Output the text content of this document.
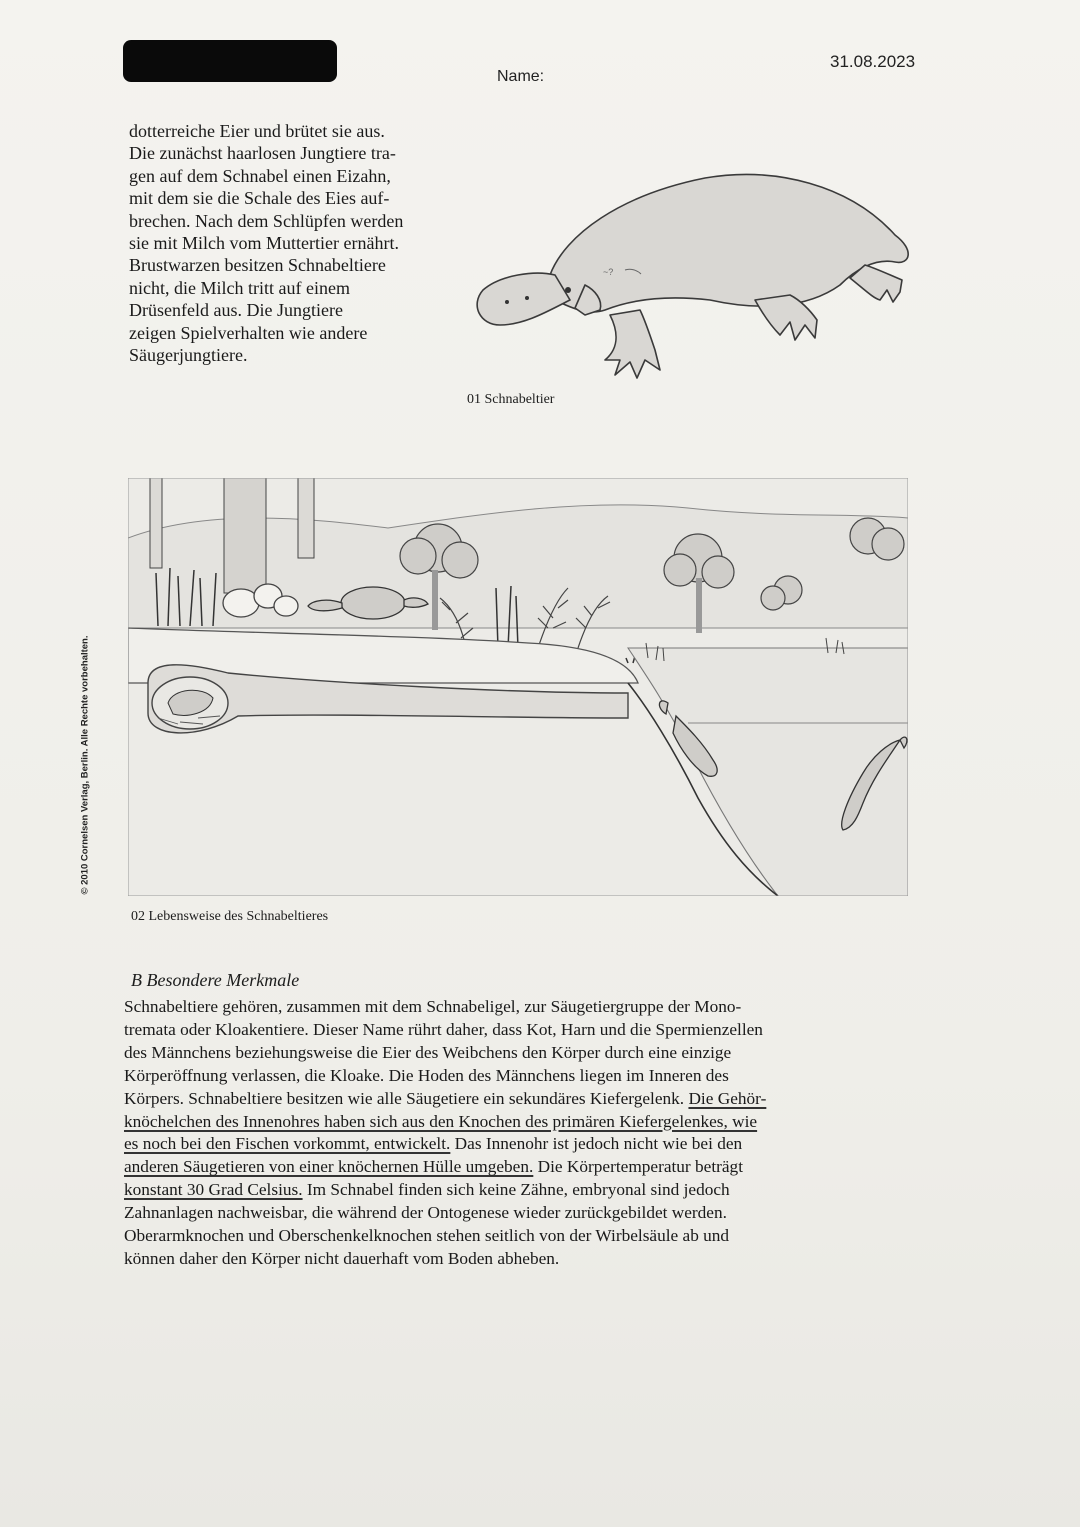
Name:
31.08.2023
© 2010 Cornelsen Verlag, Berlin. Alle Rechte vorbehalten.

dotterreiche Eier und brütet sie aus.

Die zunächst haarlosen Jungtiere tra-

gen auf dem Schnabel einen Eizahn,

mit dem sie die Schale des Eies auf-

brechen. Nach dem Schlüpfen werden

sie mit Milch vom Muttertier ernährt.

Brustwarzen besitzen Schnabeltiere

nicht, die Milch tritt auf einem

Drüsenfeld aus. Die Jungtiere

zeigen Spielverhalten wie andere

Säugerjungtiere.

~?
01 Schnabeltier
02 Lebensweise des Schnabeltieres
B Besondere Merkmale

Schnabeltiere gehören, zusammen mit dem Schnabeligel, zur Säugetiergruppe der Mono-

tremata oder Kloakentiere. Dieser Name rührt daher, dass Kot, Harn und die Spermienzellen

des Männchens beziehungsweise die Eier des Weibchens den Körper durch eine einzige

Körperöffnung verlassen, die Kloake. Die Hoden des Männchens liegen im Inneren des

Körpers. Schnabeltiere besitzen wie alle Säugetiere ein sekundäres Kiefergelenk. Die Gehör-

knöchelchen des Innenohres haben sich aus den Knochen des primären Kiefergelenkes, wie

es noch bei den Fischen vorkommt, entwickelt. Das Innenohr ist jedoch nicht wie bei den

anderen Säugetieren von einer knöchernen Hülle umgeben. Die Körpertemperatur beträgt

konstant 30 Grad Celsius. Im Schnabel finden sich keine Zähne, embryonal sind jedoch

Zahnanlagen nachweisbar, die während der Ontogenese wieder zurückgebildet werden.

Oberarmknochen und Oberschenkelknochen stehen seitlich von der Wirbelsäule ab und

können daher den Körper nicht dauerhaft vom Boden abheben.
